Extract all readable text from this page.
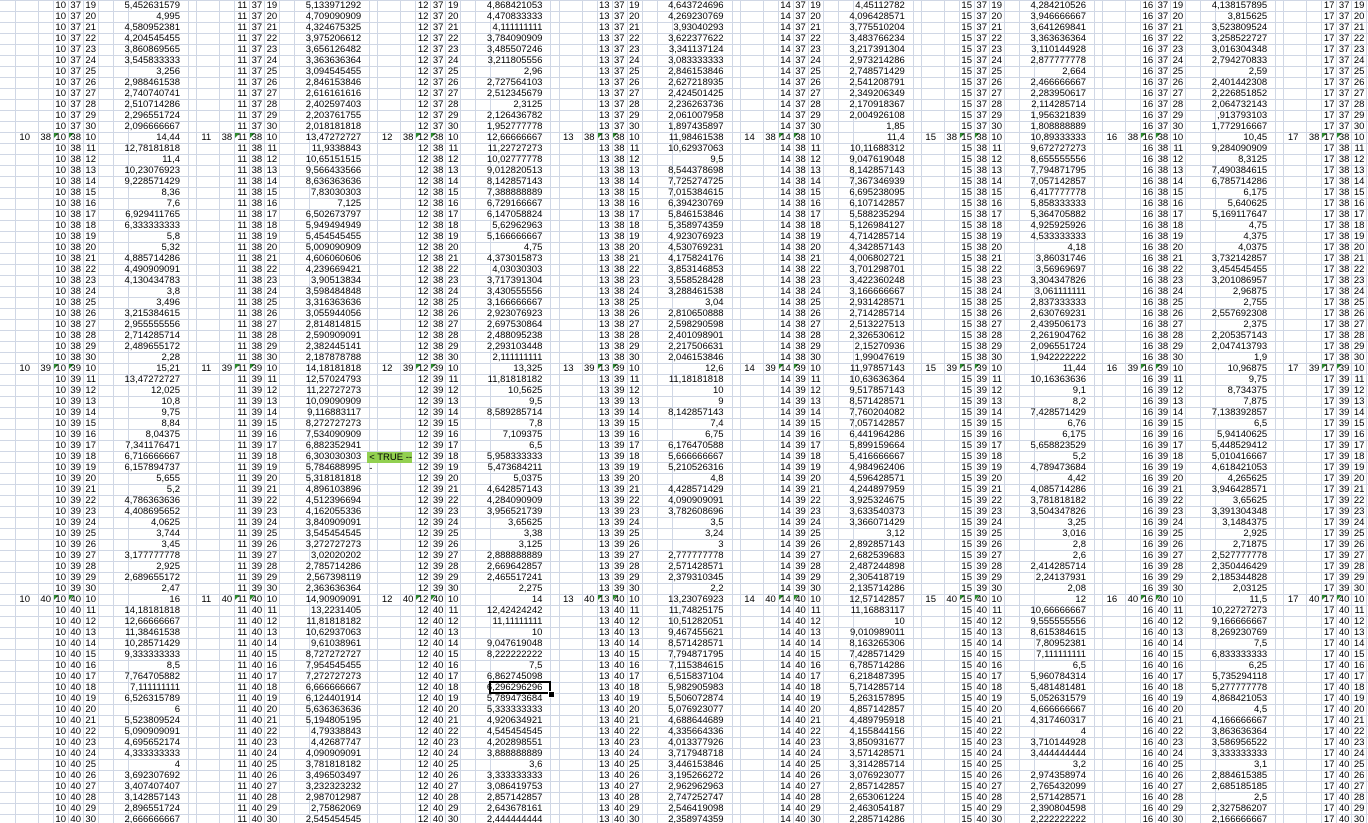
10 37 19	5,452631579
10 37 20	4,995
10 37 21	4,580952381
10 37 22	4,204545455
10 37 23	3,860869565
10 37 24	3,545833333
10 37 25	3,256
10 37 26	2,988461538
10 37 27	2,740740741
10 37 28	2,510714286
10 37 29	2,296551724
10 37 30	2,096666667
10 38 10 38 10	14,44
10 38 11	12,78181818
10 38 12	11,4
10 38 13	10,23076923
10 38 14	9,228571429
10 38 15	8,36
10 38 16	7,6
10 38 17	6,929411765
10 38 18	6,333333333
10 38 19	5,8
10 38 20	5,32
10 38 21	4,885714286
10 38 22	4,490909091
10 38 23	4,130434783
10 38 24	3,8
10 38 25	3,496
10 38 26	3,215384615
10 38 27	2,955555556
10 38 28	2,714285714
10 38 29	2,489655172
10 38 30	2,28
10 39 10 39 10	15,21
10 39 11	13,47272727
10 39 12	12,025
10 39 13	10,8
10 39 14	9,75
10 39 15	8,84
10 39 16	8,04375
10 39 17	7,341176471
10 39 18	6,716666667
10 39 19	6,157894737
10 39 20	5,655
10 39 21	5,2
10 39 22	4,786363636
10 39 23	4,408695652
10 39 24	4,0625
10 39 25	3,744
10 39 26	3,45
10 39 27	3,177777778
10 39 28	2,925
10 39 29	2,689655172
10 39 30	2,47
10 40 10 40 10	16
10 40 11	14,18181818
10 40 12	12,66666667
10 40 13	11,38461538
10 40 14	10,28571429
10 40 15	9,333333333
10 40 16	8,5
10 40 17	7,764705882
10 40 18	7,111111111
10 40 19	6,526315789
10 40 20	6
10 40 21	5,523809524
10 40 22	5,090909091
10 40 23	4,695652174
10 40 24	4,333333333
10 40 25	4
10 40 26	3,692307692
10 40 27	3,407407407
10 40 28	3,142857143
10 40 29	2,896551724
10 40 30	2,666666667
11 37 19	5,133971292
11 37 20	4,709090909
11 37 21	4,324675325
11 37 22	3,975206612
11 37 23	3,656126482
11 37 24	3,363636364
11 37 25	3,094545455
11 37 26	2,846153846
11 37 27	2,616161616
11 37 28	2,402597403
11 37 29	2,203761755
11 37 30	2,018181818
11 38 11 38 10	13,47272727
11 38 11	11,9338843
11 38 12	10,65151515
11 38 13	9,566433566
11 38 14	8,636363636
11 38 15	7,83030303
11 38 16	7,125
11 38 17	6,502673797
11 38 18	5,949494949
11 38 19	5,454545455
11 38 20	5,009090909
11 38 21	4,606060606
11 38 22	4,239669421
11 38 23	3,90513834
11 38 24	3,598484848
11 38 25	3,316363636
11 38 26	3,055944056
11 38 27	2,814814815
11 38 28	2,590909091
11 38 29	2,382445141
11 38 30	2,187878788
11 39 11 39 10	14,18181818
11 39 11	12,57024793
11 39 12	11,22727273
11 39 13	10,09090909
11 39 14	9,116883117
11 39 15	8,272727273
11 39 16	7,534090909
11 39 17	6,882352941
11 39 18	6,303030303 < TRUE ---
11 39 19	5,784688995
11 39 20	5,318181818
11 39 21	4,896103896
11 39 22	4,512396694
11 39 23	4,162055336
11 39 24	3,840909091
11 39 25	3,545454545
11 39 26	3,272727273
11 39 27	3,02020202
11 39 28	2,785714286
11 39 29	2,567398119
11 39 30	2,363636364
11 40 11 40 10	14,90909091
11 40 11	13,2231405
11 40 12	11,81818182
11 40 13	10,62937063
11 40 14	9,61038961
11 40 15	8,727272727
11 40 16	7,954545455
11 40 17	7,272727273
11 40 18	6,666666667
11 40 19	6,124401914
11 40 20	5,636363636
11 40 21	5,194805195
11 40 22	4,79338843
11 40 23	4,42687747
11 40 24	4,090909091
11 40 25	3,781818182
11 40 26	3,496503497
11 40 27	3,232323232
11 40 28	2,987012987
11 40 29	2,75862069
11 40 30	2,545454545
12 37 19	4,868421053
12 37 20	4,470833333
12 37 21	4,111111111
12 37 22	3,784090909
12 37 23	3,485507246
12 37 24	3,211805556
12 37 25	2,96
12 37 26	2,727564103
12 37 27	2,512345679
12 37 28	2,3125
12 37 29	2,126436782
12 37 30	1,952777778
12 38 12 38 10	12,66666667
12 38 11	11,22727273
12 38 12	10,02777778
12 38 13	9,012820513
12 38 14	8,142857143
12 38 15	7,388888889
12 38 16	6,729166667
12 38 17	6,147058824
12 38 18	5,62962963
12 38 19	5,166666667
12 38 20	4,75
12 38 21	4,373015873
12 38 22	4,03030303
12 38 23	3,717391304
12 38 24	3,430555556
12 38 25	3,166666667
12 38 26	2,923076923
12 38 27	2,697530864
12 38 28	2,488095238
12 38 29	2,293103448
12 38 30	2,111111111
12 39 12 39 10	13,325
12 39 11	11,81818182
12 39 12	10,5625
12 39 13	9,5
12 39 14	8,589285714
12 39 15	7,8
12 39 16	7,109375
12 39 17	6,5
12 39 18	5,958333333
12 39 19	5,473684211
12 39 20	5,0375
12 39 21	4,642857143
12 39 22	4,284090909
12 39 23	3,956521739
12 39 24	3,65625
12 39 25	3,38
12 39 26	3,125
12 39 27	2,888888889
12 39 28	2,669642857
12 39 29	2,465517241
12 39 30	2,275
12 40 12 40 10	14
12 40 11	12,42424242
12 40 12	11,11111111
12 40 13	10
12 40 14	9,047619048
12 40 15	8,222222222
12 40 16	7,5
12 40 17	6,862745098
12 40 18	6,296296296
12 40 19	5,789473684
12 40 20	5,333333333
12 40 21	4,920634921
12 40 22	4,545454545
12 40 23	4,202898551
12 40 24	3,888888889
12 40 25	3,6
12 40 26	3,333333333
12 40 27	3,086419753
12 40 28	2,857142857
12 40 29	2,643678161
12 40 30	2,444444444
13 37 19	4,643724696
13 37 20	4,269230769
13 37 21	3,93040293
13 37 22	3,622377622
13 37 23	3,341137124
13 37 24	3,083333333
13 37 25	2,846153846
13 37 26	2,627218935
13 37 27	2,424501425
13 37 28	2,236263736
13 37 29	2,061007958
13 37 30	1,897435897
13 38 13 38 10	11,98461538
13 38 11	10,62937063
13 38 12	9,5
13 38 13	8,544378698
13 38 14	7,725274725
13 38 15	7,015384615
13 38 16	6,394230769
13 38 17	5,846153846
13 38 18	5,358974359
13 38 19	4,923076923
13 38 20	4,530769231
13 38 21	4,175824176
13 38 22	3,853146853
13 38 23	3,558528428
13 38 24	3,288461538
13 38 25	3,04
13 38 26	2,810650888
13 38 27	2,598290598
13 38 28	2,401098901
13 38 29	2,217506631
13 38 30	2,046153846
13 39 13 39 10	12,6
13 39 11	11,18181818
13 39 12	10
13 39 13	9
13 39 14	8,142857143
13 39 15	7,4
13 39 16	6,75
13 39 17	6,176470588
13 39 18	5,666666667
13 39 19	5,210526316
13 39 20	4,8
13 39 21	4,428571429
13 39 22	4,090909091
13 39 23	3,782608696
13 39 24	3,5
13 39 25	3,24
13 39 26	3
13 39 27	2,777777778
13 39 28	2,571428571
13 39 29	2,379310345
13 39 30	2,2
13 40 13 40 10	13,23076923
13 40 11	11,74825175
13 40 12	10,51282051
13 40 13	9,467455621
13 40 14	8,571428571
13 40 15	7,794871795
13 40 16	7,115384615
13 40 17	6,515837104
13 40 18	5,982905983
13 40 19	5,506072874
13 40 20	5,076923077
13 40 21	4,688644689
13 40 22	4,335664336
13 40 23	4,013377926
13 40 24	3,717948718
13 40 25	3,446153846
13 40 26	3,195266272
13 40 27	2,962962963
13 40 28	2,747252747
13 40 29	2,546419098
13 40 30	2,358974359
14 37 19	4,45112782
14 37 20	4,096428571
14 37 21	3,775510204
14 37 22	3,483766234
14 37 23	3,217391304
14 37 24	2,973214286
14 37 25	2,748571429
14 37 26	2,541208791
14 37 27	2,349206349
14 37 28	2,170918367
14 37 29	2,004926108
14 37 30	1,85
14 38 14 38 10	11,4
14 38 11	10,11688312
14 38 12	9,047619048
14 38 13	8,142857143
14 38 14	7,367346939
14 38 15	6,695238095
14 38 16	6,107142857
14 38 17	5,588235294
14 38 18	5,126984127
14 38 19	4,714285714
14 38 20	4,342857143
14 38 21	4,006802721
14 38 22	3,701298701
14 38 23	3,422360248
14 38 24	3,166666667
14 38 25	2,931428571
14 38 26	2,714285714
14 38 27	2,513227513
14 38 28	2,326530612
14 38 29	2,15270936
14 38 30	1,99047619
14 39 14 39 10	11,97857143
14 39 11	10,63636364
14 39 12	9,517857143
14 39 13	8,571428571
14 39 14	7,760204082
14 39 15	7,057142857
14 39 16	6,441964286
14 39 17	5,899159664
14 39 18	5,416666667
14 39 19	4,984962406
14 39 20	4,596428571
14 39 21	4,244897959
14 39 22	3,925324675
14 39 23	3,633540373
14 39 24	3,366071429
14 39 25	3,12
14 39 26	2,892857143
14 39 27	2,682539683
14 39 28	2,487244898
14 39 29	2,305418719
14 39 30	2,135714286
14 40 14 40 10	12,57142857
14 40 11	11,16883117
14 40 12	10
14 40 13	9,010989011
14 40 14	8,163265306
14 40 15	7,428571429
14 40 16	6,785714286
14 40 17	6,218487395
14 40 18	5,714285714
14 40 19	5,263157895
14 40 20	4,857142857
14 40 21	4,489795918
14 40 22	4,155844156
14 40 23	3,850931677
14 40 24	3,571428571
14 40 25	3,314285714
14 40 26	3,076923077
14 40 27	2,857142857
14 40 28	2,653061224
14 40 29	2,463054187
14 40 30	2,285714286
15 37 19	4,284210526
15 37 20	3,946666667
15 37 21	3,641269841
15 37 22	3,363636364
15 37 23	3,110144928
15 37 24	2,877777778
15 37 25	2,664
15 37 26	2,466666667
15 37 27	2,283950617
15 37 28	2,114285714
15 37 29	1,956321839
15 37 30	1,808888889
15 38 15 38 10	10,89333333
15 38 11	9,672727273
15 38 12	8,655555556
15 38 13	7,794871795
15 38 14	7,057142857
15 38 15	6,417777778
15 38 16	5,858333333
15 38 17	5,364705882
15 38 18	4,925925926
15 38 19	4,533333333
15 38 20	4,18
15 38 21	3,86031746
15 38 22	3,56969697
15 38 23	3,304347826
15 38 24	3,061111111
15 38 25	2,837333333
15 38 26	2,630769231
15 38 27	2,439506173
15 38 28	2,261904762
15 38 29	2,096551724
15 38 30	1,942222222
15 39 15 39 10	11,44
15 39 11	10,16363636
15 39 12	9,1
15 39 13	8,2
15 39 14	7,428571429
15 39 15	6,76
15 39 16	6,175
15 39 17	5,658823529
15 39 18	5,2
15 39 19	4,789473684
15 39 20	4,42
15 39 21	4,085714286
15 39 22	3,781818182
15 39 23	3,504347826
15 39 24	3,25
15 39 25	3,016
15 39 26	2,8
15 39 27	2,6
15 39 28	2,414285714
15 39 29	2,24137931
15 39 30	2,08
15 40 15 40 10	12
15 40 11	10,66666667
15 40 12	9,555555556
15 40 13	8,615384615
15 40 14	7,80952381
15 40 15	7,111111111
15 40 16	6,5
15 40 17	5,960784314
15 40 18	5,481481481
15 40 19	5,052631579
15 40 20	4,666666667
15 40 21	4,317460317
15 40 22	4
15 40 23	3,710144928
15 40 24	3,444444444
15 40 25	3,2
15 40 26	2,974358974
15 40 27	2,765432099
15 40 28	2,571428571
15 40 29	2,390804598
15 40 30	2,222222222
16 37 19	4,138157895
16 37 20	3,815625
16 37 21	3,523809524
16 37 22	3,258522727
16 37 23	3,016304348
16 37 24	2,794270833
16 37 25	2,59
16 37 26	2,401442308
16 37 27	2,226851852
16 37 28	2,064732143
16 37 29	,913793103
16 37 30	1,772916667
16 38 16 38 10	10,45
16 38 11	9,284090909
16 38 12	8,3125
16 38 13	7,490384615
16 38 14	6,785714286
16 38 15	6,175
16 38 16	5,640625
16 38 17	5,169117647
16 38 18	4,75
16 38 19	4,375
16 38 20	4,0375
16 38 21	3,732142857
16 38 22	3,454545455
16 38 23	3,201086957
16 38 24	2,96875
16 38 25	2,755
16 38 26	2,557692308
16 38 27	2,375
16 38 28	2,205357143
16 38 29	2,047413793
16 38 30	1,9
16 39 16 39 10	10,96875
16 39 11	9,75
16 39 12	8,734375
16 39 13	7,875
16 39 14	7,138392857
16 39 15	6,5
16 39 16	5,94140625
16 39 17	5,448529412
16 39 18	5,010416667
16 39 19	4,618421053
16 39 20	4,265625
16 39 21	3,946428571
16 39 22	3,65625
16 39 23	3,391304348
16 39 24	3,1484375
16 39 25	2,925
16 39 26	2,71875
16 39 27	2,527777778
16 39 28	2,350446429
16 39 29	2,185344828
16 39 30	2,03125
16 40 16 40 10	11,5
16 40 11	10,22727273
16 40 12	9,166666667
16 40 13	8,269230769
16 40 14	7,5
16 40 15	6,833333333
16 40 16	6,25
16 40 17	5,735294118
16 40 18	5,277777778
16 40 19	4,868421053
16 40 20	4,5
16 40 21	4,166666667
16 40 22	3,863636364
16 40 23	3,586956522
16 40 24	3,333333333
16 40 25	3,1
16 40 26	2,884615385
16 40 27	2,685185185
16 40 28	2,5
16 40 29	2,327586207
16 40 30	2,166666667
17 37 19
17 37 20
17 37 21
17 37 22
17 37 23
17 37 24
17 37 25
17 37 26
17 37 27
17 37 28
17 37 29
17 37 30
17 38 17 38 10
17 38 11
17 38 12
17 38 13
17 38 14
17 38 15
17 38 16
17 38 17
17 38 18
17 38 19
17 38 20
17 38 21
17 38 22
17 38 23
17 38 24
17 38 25
17 38 26
17 38 27
17 38 28
17 38 29
17 38 30
17 39 17 39 10
17 39 11
17 39 12
17 39 13
17 39 14
17 39 15
17 39 16
17 39 17
17 39 18
17 39 19
17 39 20
17 39 21
17 39 22
17 39 23
17 39 24
17 39 25
17 39 26
17 39 27
17 39 28
17 39 29
17 39 30
17 40 17 40 10
17 40 11
17 40 12
17 40 13
17 40 14
17 40 15
17 40 16
17 40 17
17 40 18
17 40 19
17 40 20
17 40 21
17 40 22
17 40 23
17 40 24
17 40 25
17 40 26
17 40 27
17 40 28
17 40 29
17 40 30
